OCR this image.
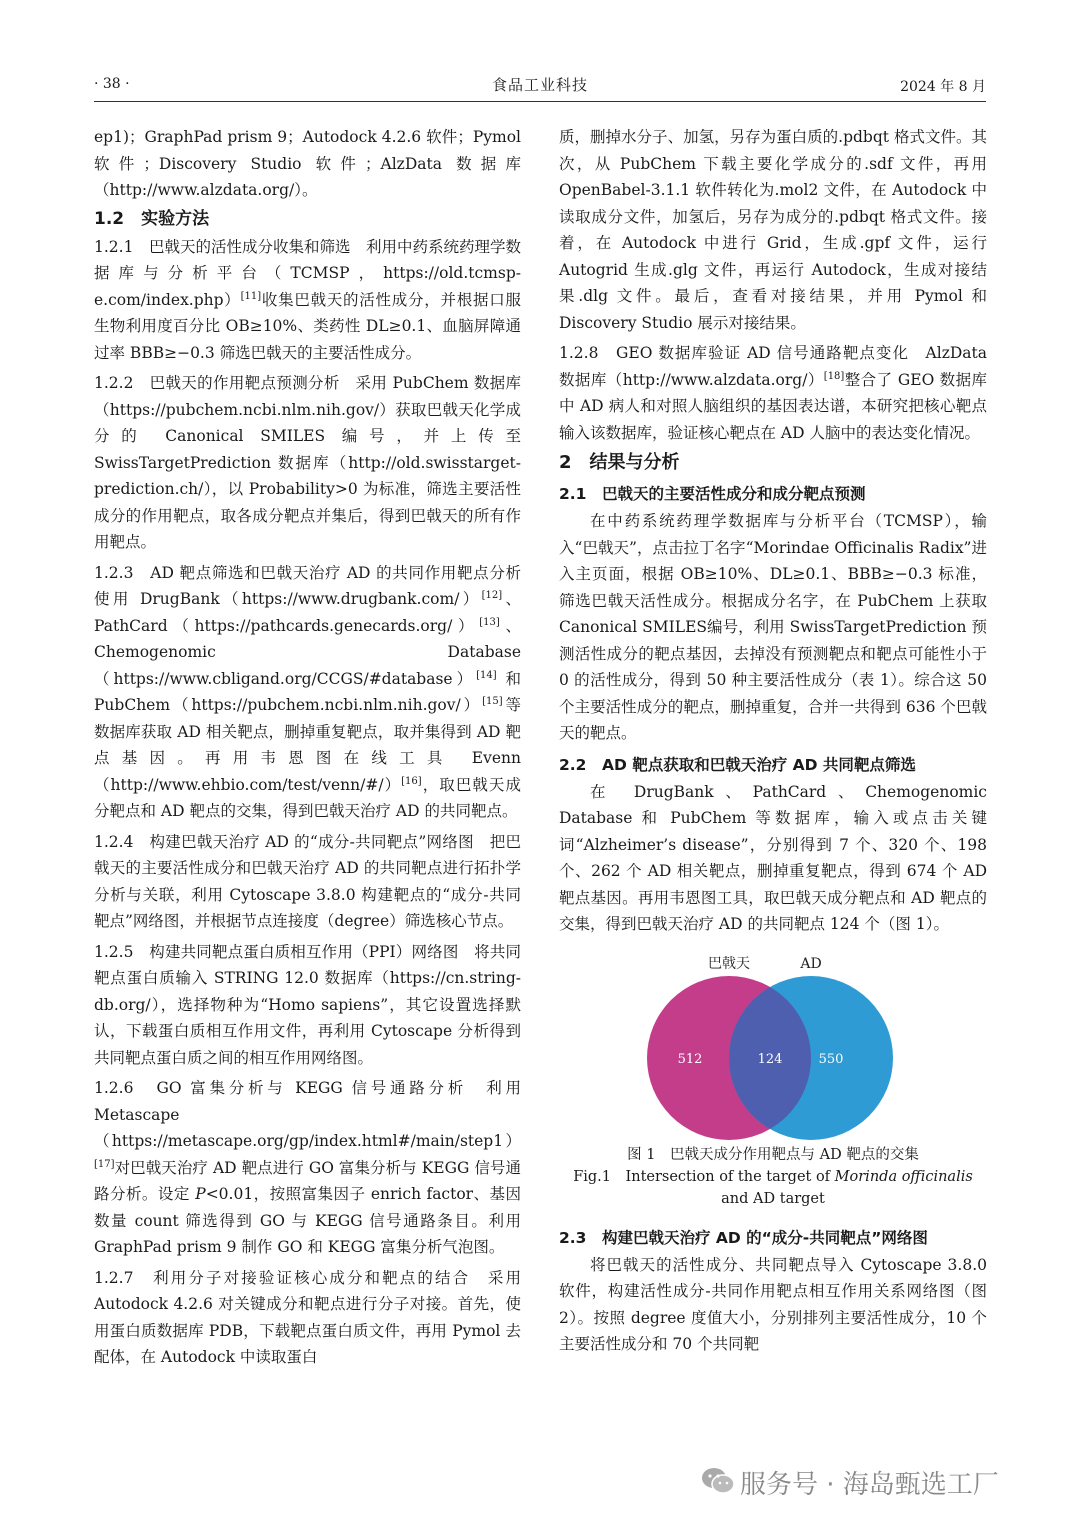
· 38 ·	食品工业科技	2024 年 8 月

ep1)；GraphPad prism 9；Autodock 4.2.6 软件；Pymol 软件；Discovery Studio 软件；AlzData 数据库（http://www.alzdata.org/）。

1.2　实验方法

1.2.1　巴戟天的活性成分收集和筛选　利用中药系统药理学数据库与分析平台（TCMSP，https://old.tcmsp-e.com/index.php）[11]收集巴戟天的活性成分，并根据口服生物利用度百分比 OB≥10%、类药性 DL≥0.1、血脑屏障通过率 BBB≥−0.3 筛选巴戟天的主要活性成分。

1.2.2　巴戟天的作用靶点预测分析　采用 PubChem 数据库（https://pubchem.ncbi.nlm.nih.gov/）获取巴戟天化学成分的 Canonical SMILES 编号，并上传至 SwissTargetPrediction 数据库（http://old.swisstarget-prediction.ch/），以 Probability>0 为标准，筛选主要活性成分的作用靶点，取各成分靶点并集后，得到巴戟天的所有作用靶点。

1.2.3　AD 靶点筛选和巴戟天治疗 AD 的共同作用靶点分析　使用 DrugBank（https://www.drugbank.com/）[12]、PathCard（https://pathcards.genecards.org/）[13]、Chemogenomic Database（https://www.cbligand.org/CCGS/#database）[14] 和 PubChem（https://pubchem.ncbi.nlm.nih.gov/）[15]等数据库获取 AD 相关靶点，删掉重复靶点，取并集得到 AD 靶点基因。再用韦恩图在线工具 Evenn（http://www.ehbio.com/test/venn/#/）[16]，取巴戟天成分靶点和 AD 靶点的交集，得到巴戟天治疗 AD 的共同靶点。

1.2.4　构建巴戟天治疗 AD 的“成分-共同靶点”网络图　把巴戟天的主要活性成分和巴戟天治疗 AD 的共同靶点进行拓扑学分析与关联，利用 Cytoscape 3.8.0 构建靶点的“成分-共同靶点”网络图，并根据节点连接度（degree）筛选核心节点。

1.2.5　构建共同靶点蛋白质相互作用（PPI）网络图　将共同靶点蛋白质输入 STRING 12.0 数据库（https://cn.string-db.org/），选择物种为“Homo sapiens”，其它设置选择默认，下载蛋白质相互作用文件，再利用 Cytoscape 分析得到共同靶点蛋白质之间的相互作用网络图。

1.2.6　GO 富集分析与 KEGG 信号通路分析　利用 Metascape（https://metascape.org/gp/index.html#/main/step1）[17]对巴戟天治疗 AD 靶点进行 GO 富集分析与 KEGG 信号通路分析。设定 P<0.01，按照富集因子 enrich factor、基因数量 count 筛选得到 GO 与 KEGG 信号通路条目。利用 GraphPad prism 9 制作 GO 和 KEGG 富集分析气泡图。

1.2.7　利用分子对接验证核心成分和靶点的结合　采用 Autodock 4.2.6 对关键成分和靶点进行分子对接。首先，使用蛋白质数据库 PDB，下载靶点蛋白质文件，再用 Pymol 去配体，在 Autodock 中读取蛋白

质，删掉水分子、加氢，另存为蛋白质的.pdbqt 格式文件。其次，从 PubChem 下载主要化学成分的.sdf 文件，再用 OpenBabel-3.1.1 软件转化为.mol2 文件，在 Autodock 中读取成分文件，加氢后，另存为成分的.pdbqt 格式文件。接着，在 Autodock 中进行 Grid，生成.gpf 文件，运行 Autogrid 生成.glg 文件，再运行 Autodock，生成对接结果.dlg 文件。最后，查看对接结果，并用 Pymol 和 Discovery Studio 展示对接结果。

1.2.8　GEO 数据库验证 AD 信号通路靶点变化　AlzData 数据库（http://www.alzdata.org/）[18]整合了 GEO 数据库中 AD 病人和对照人脑组织的基因表达谱，本研究把核心靶点输入该数据库，验证核心靶点在 AD 人脑中的表达变化情况。

2　结果与分析
2.1　巴戟天的主要活性成分和成分靶点预测

在中药系统药理学数据库与分析平台（TCMSP），输入“巴戟天”，点击拉丁名字“Morindae Officinalis Radix”进入主页面，根据 OB≥10%、DL≥0.1、BBB≥−0.3 标准，筛选巴戟天活性成分。根据成分名字，在 PubChem 上获取 Canonical SMILES编号，利用 SwissTargetPrediction 预测活性成分的靶点基因，去掉没有预测靶点和靶点可能性小于 0 的活性成分，得到 50 种主要活性成分（表 1）。综合这 50 个主要活性成分的靶点，删掉重复，合并一共得到 636 个巴戟天的靶点。

2.2　AD 靶点获取和巴戟天治疗 AD 共同靶点筛选

在 DrugBank、PathCard、Chemogenomic Database 和 PubChem 等数据库，输入或点击关键词“Alzheimer’s disease”，分别得到 7 个、320 个、198 个、262 个 AD 相关靶点，删掉重复靶点，得到 674 个 AD 靶点基因。再用韦恩图工具，取巴戟天成分靶点和 AD 靶点的交集，得到巴戟天治疗 AD 的共同靶点 124 个（图 1）。

巴戟天	AD
512	124	550
图 1　巴戟天成分作用靶点与 AD 靶点的交集
Fig.1　Intersection of the target of Morinda officinalis and AD target
2.3　构建巴戟天治疗 AD 的“成分-共同靶点”网络图

将巴戟天的活性成分、共同靶点导入 Cytoscape 3.8.0 软件，构建活性成分-共同作用靶点相互作用关系网络图（图 2）。按照 degree 度值大小，分别排列主要活性成分，10 个主要活性成分和 70 个共同靶

服务号 · 海岛甄选工厂
